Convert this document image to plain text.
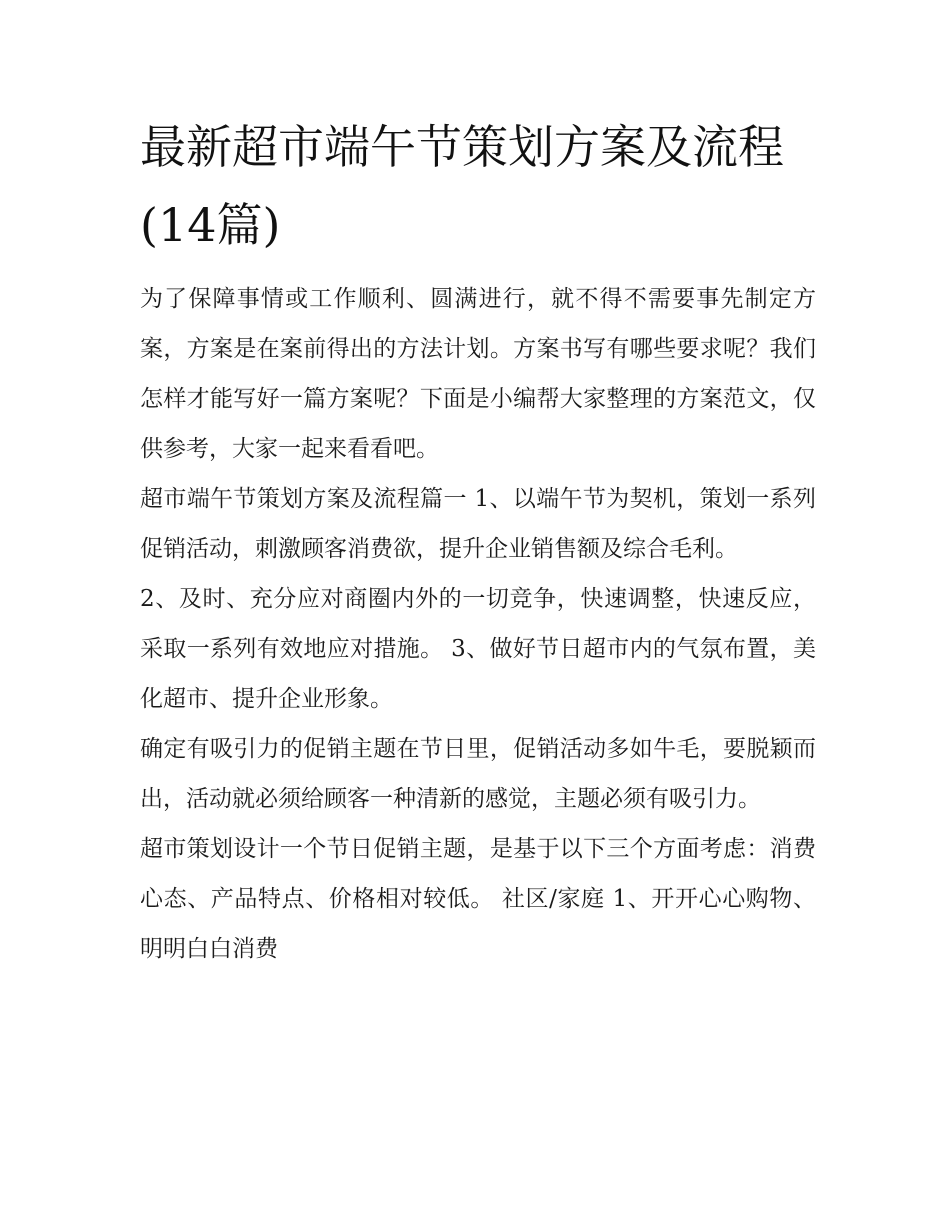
最新超市端午节策划方案及流程(14篇)

为了保障事情或工作顺利、圆满进行，就不得不需要事先制定方案，方案是在案前得出的方法计划。方案书写有哪些要求呢？我们怎样才能写好一篇方案呢？下面是小编帮大家整理的方案范文，仅供参考，大家一起来看看吧。

超市端午节策划方案及流程篇一 1、以端午节为契机，策划一系列促销活动，刺激顾客消费欲，提升企业销售额及综合毛利。

2、及时、充分应对商圈内外的一切竞争，快速调整，快速反应，采取一系列有效地应对措施。 3、做好节日超市内的气氛布置，美化超市、提升企业形象。

确定有吸引力的促销主题在节日里，促销活动多如牛毛，要脱颖而出，活动就必须给顾客一种清新的感觉，主题必须有吸引力。

超市策划设计一个节日促销主题，是基于以下三个方面考虑：消费心态、产品特点、价格相对较低。 社区/家庭 1、开开心心购物、明明白白消费
